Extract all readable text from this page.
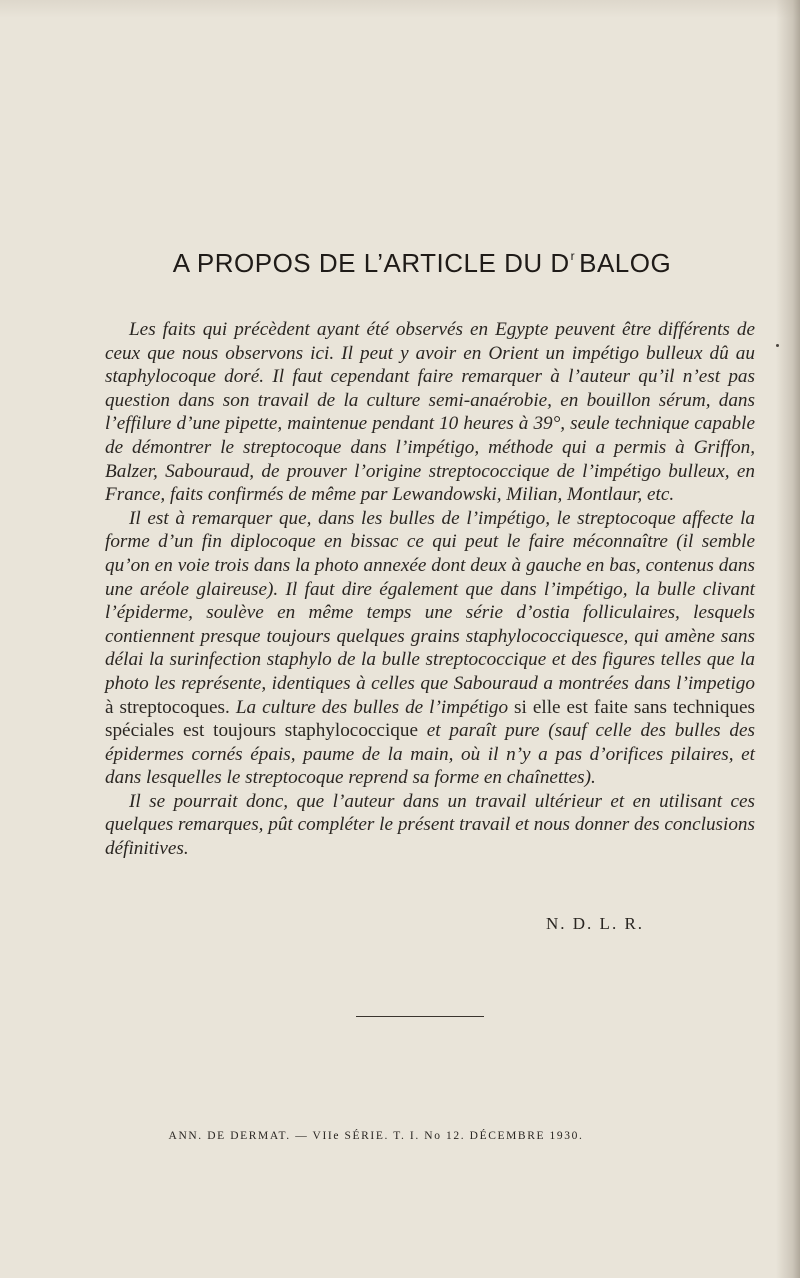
A PROPOS DE L’ARTICLE DU $D^r$ BALOG

Les faits qui précèdent ayant été observés en Egypte peuvent être différents de ceux que nous observons ici. Il peut y avoir en Orient un impétigo bulleux dû au staphylocoque doré. Il faut cependant faire remarquer à l’auteur qu’il n’est pas question dans son travail de la culture semi-anaérobie, en bouillon sérum, dans l’effilure d’une pipette, maintenue pendant 10 heures à 39°, seule technique capable de démontrer le streptocoque dans l’impétigo, méthode qui a permis à Griffon, Balzer, Sabouraud, de prouver l’origine streptococcique de l’impétigo bulleux, en France, faits confirmés de même par Lewandowski, Milian, Montlaur, etc.

Il est à remarquer que, dans les bulles de l’impétigo, le streptocoque affecte la forme d’un fin diplocoque en bissac ce qui peut le faire méconnaître (il semble qu’on en voie trois dans la photo annexée dont deux à gauche en bas, contenus dans une aréole glaireuse). Il faut dire également que dans l’impétigo, la bulle clivant l’épiderme, soulève en même temps une série d’ostia folliculaires, lesquels contiennent presque toujours quelques grains staphylococciquesce, qui amène sans délai la surinfection staphylo de la bulle streptococcique et des figures telles que la photo les représente, identiques à celles que Sabouraud a montrées dans l’impetigo à streptocoques. La culture des bulles de l’impétigo si elle est faite sans techniques spéciales est toujours staphylococcique et paraît pure (sauf celle des bulles des épidermes cornés épais, paume de la main, où il n’y a pas d’orifices pilaires, et dans lesquelles le streptocoque reprend sa forme en chaînettes).

Il se pourrait donc, que l’auteur dans un travail ultérieur et en utilisant ces quelques remarques, pût compléter le présent travail et nous donner des conclusions définitives.

N. D. L. R.
ANN. DE DERMAT. — VIIe SÉRIE. T. I. No 12. DÉCEMBRE 1930.
